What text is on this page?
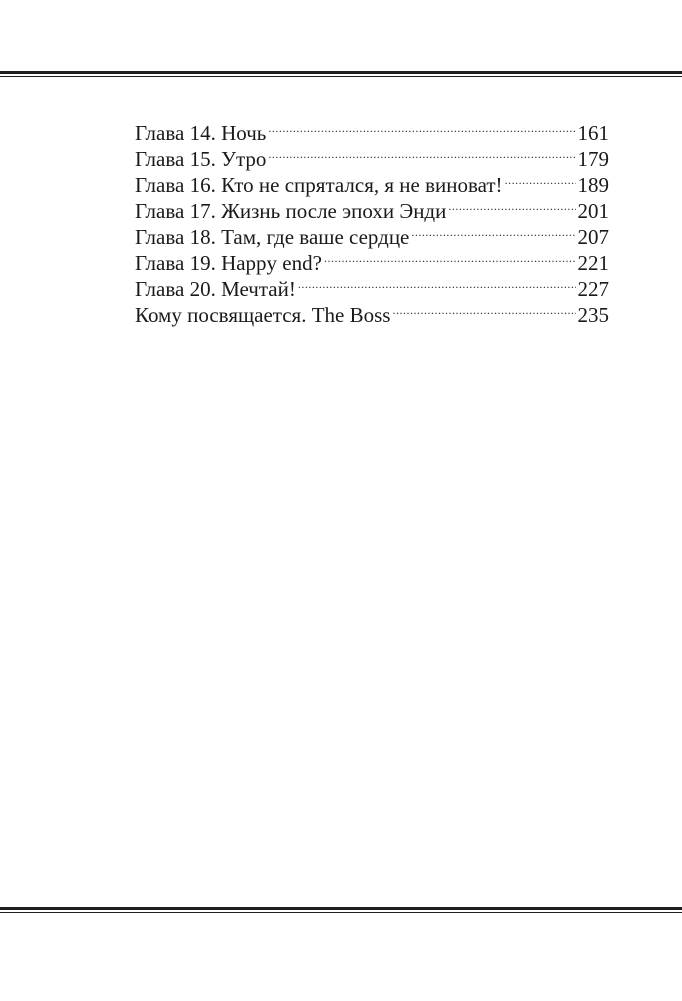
Глава 14. Ночь .....	161
Глава 15. Утро .....	179
Глава 16. Кто не спрятался, я не виноват! .....	189
Глава 17. Жизнь после эпохи Энди .....	201
Глава 18. Там, где ваше сердце .....	207
Глава 19. Happy end? .....	221
Глава 20. Мечтай! .....	227
Кому посвящается. The Boss .....	235
